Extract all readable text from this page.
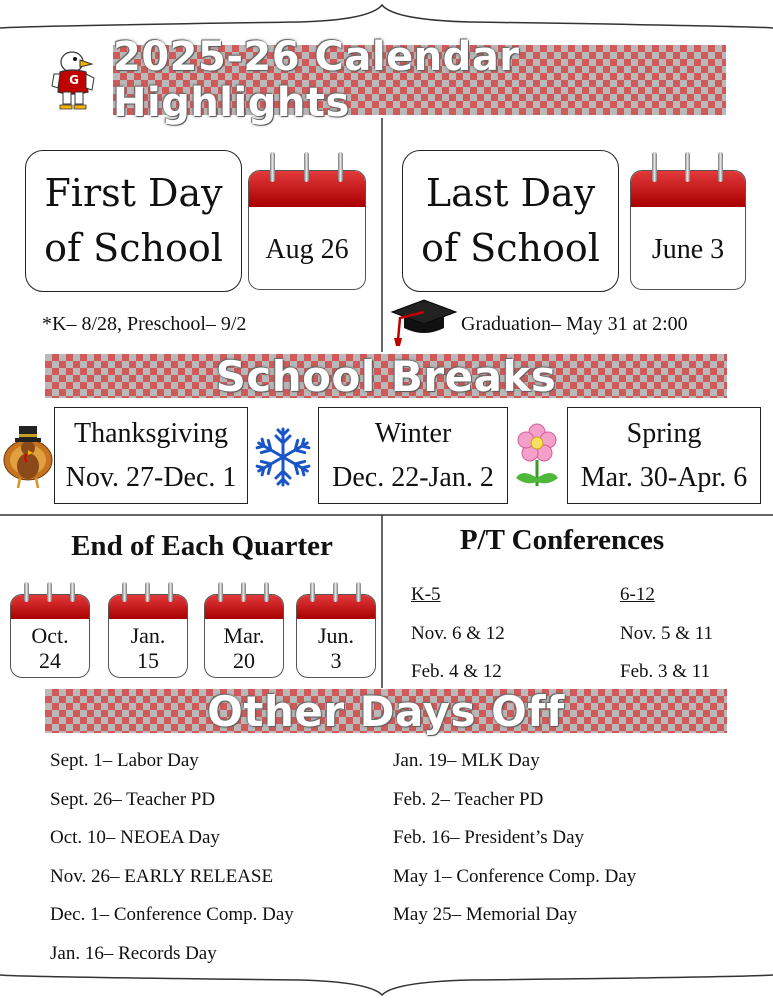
G 2025-26 Calendar Highlights
First Day
of School	Aug 26
*K– 8/28, Preschool– 9/2
Last Day
of School	June 3
Graduation– May 31 at 2:00
School Breaks
Thanksgiving
Nov. 27-Dec. 1
Winter
Dec. 22-Jan. 2
Spring
Mar. 30-Apr. 6
End of Each Quarter
Oct.
24
Jan.
15
Mar.
20
Jun.
3
P/T Conferences
K-5
Nov. 6 & 12
Feb. 4 & 12
6-12
Nov. 5 & 11
Feb. 3 & 11
Other Days Off
Sept. 1– Labor Day
Sept. 26– Teacher PD
Oct. 10– NEOEA Day
Nov. 26– EARLY RELEASE
Dec. 1– Conference Comp. Day
Jan. 16– Records Day
Jan. 19– MLK Day
Feb. 2– Teacher PD
Feb. 16– President’s Day
May 1– Conference Comp. Day
May 25– Memorial Day
